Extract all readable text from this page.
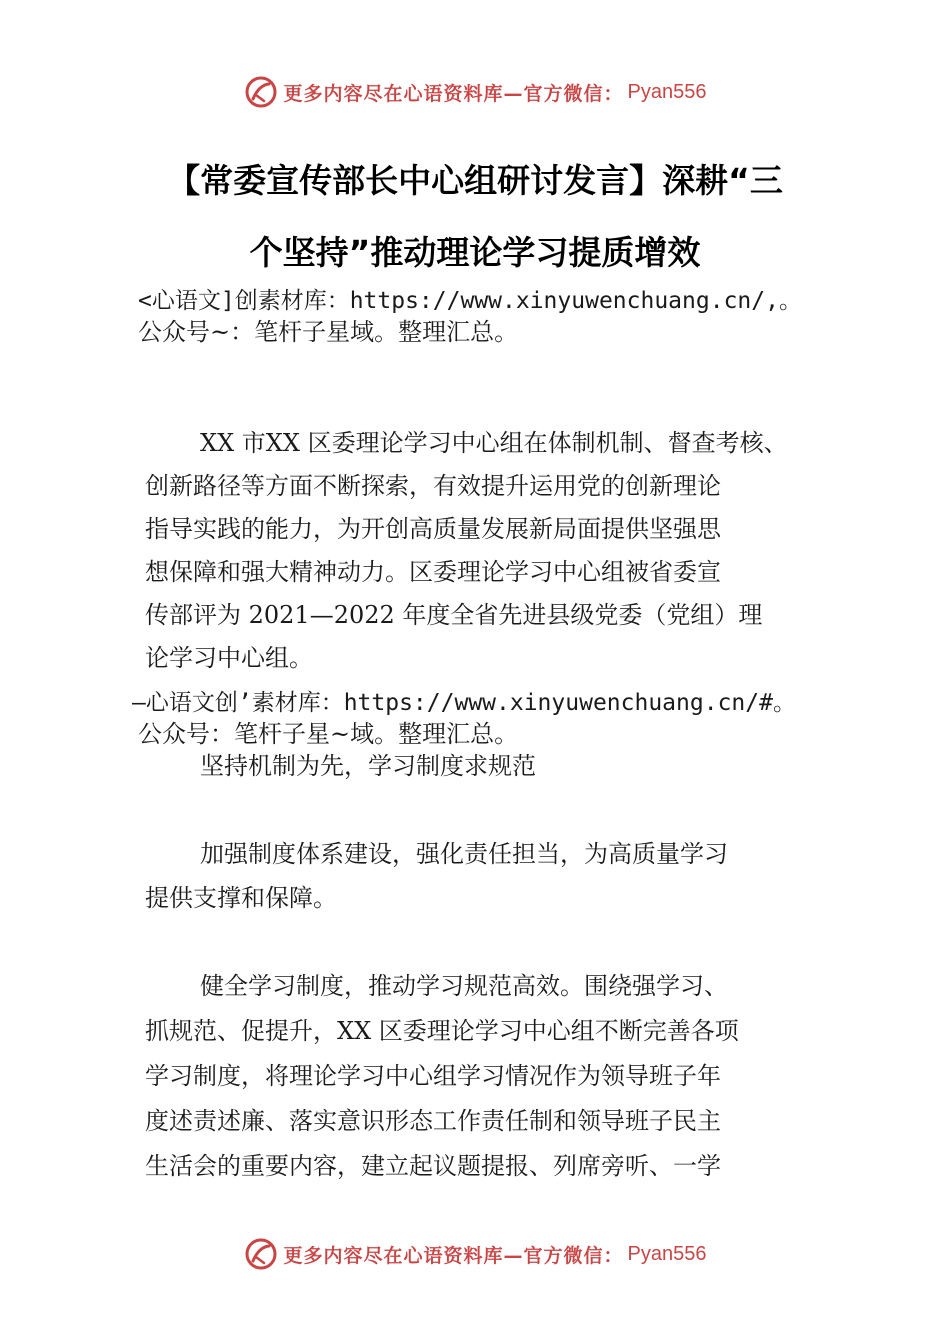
更多内容尽在心语资料库—官方微信： Pyan556
【常委宣传部长中心组研讨发言】深耕“三
个坚持”推动理论学习提质增效
<心语文]创素材库：https://www.xinyuwenchuang.cn/,。
公众号~：笔杆子星域。整理汇总。
XX 市XX 区委理论学习中心组在体制机制、督查考核、
创新路径等方面不断探索，有效提升运用党的创新理论
指导实践的能力，为开创高质量发展新局面提供坚强思
想保障和强大精神动力。区委理论学习中心组被省委宣
传部评为 2021—2022 年度全省先进县级党委（党组）理
论学习中心组。
—心语文创’素材库：https://www.xinyuwenchuang.cn/#。
公众号：笔杆子星~域。整理汇总。
坚持机制为先，学习制度求规范
加强制度体系建设，强化责任担当，为高质量学习
提供支撑和保障。
健全学习制度，推动学习规范高效。围绕强学习、
抓规范、促提升，XX 区委理论学习中心组不断完善各项
学习制度，将理论学习中心组学习情况作为领导班子年
度述责述廉、落实意识形态工作责任制和领导班子民主
生活会的重要内容，建立起议题提报、列席旁听、一学
更多内容尽在心语资料库—官方微信： Pyan556
